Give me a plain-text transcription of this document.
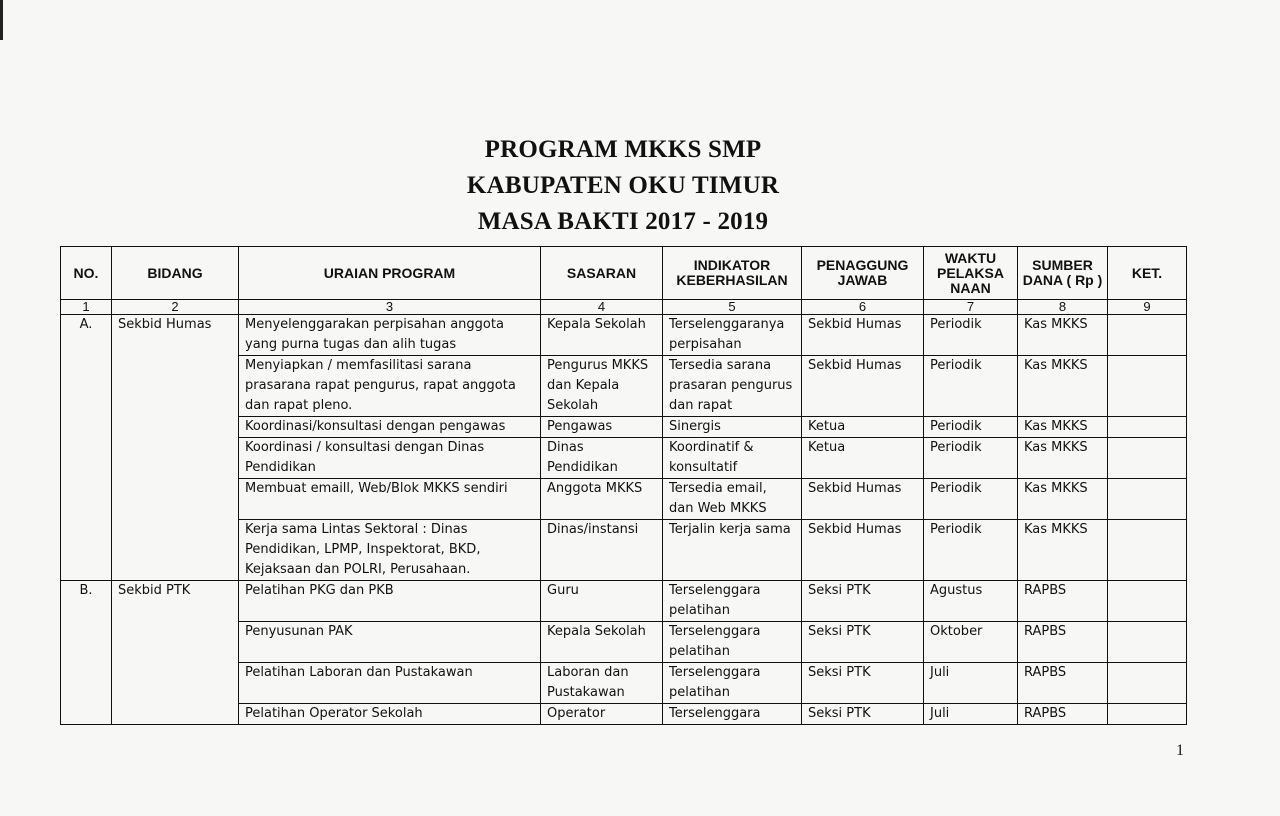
PROGRAM MKKS SMP
KABUPATEN OKU TIMUR
MASA BAKTI 2017 - 2019
NO.	BIDANG	URAIAN PROGRAM	SASARAN	INDIKATOR KEBERHASILAN	PENAGGUNG JAWAB	WAKTU PELAKSA NAAN	SUMBER DANA ( Rp )	KET.
1	2	3	4	5	6	7	8	9
A.	Sekbid Humas	Menyelenggarakan perpisahan anggota yang purna tugas dan alih tugas	Kepala Sekolah	Terselenggaranya perpisahan	Sekbid Humas	Periodik	Kas MKKS	
		Menyiapkan / memfasilitasi sarana prasarana rapat pengurus, rapat anggota dan rapat pleno.	Pengurus MKKS dan Kepala Sekolah	Tersedia sarana prasaran pengurus dan rapat	Sekbid Humas	Periodik	Kas MKKS	
		Koordinasi/konsultasi dengan pengawas	Pengawas	Sinergis	Ketua	Periodik	Kas MKKS	
		Koordinasi / konsultasi dengan Dinas Pendidikan	Dinas Pendidikan	Koordinatif & konsultatif	Ketua	Periodik	Kas MKKS	
		Membuat emaill, Web/Blok MKKS sendiri	Anggota MKKS	Tersedia email, dan Web MKKS	Sekbid Humas	Periodik	Kas MKKS	
		Kerja sama Lintas Sektoral : Dinas Pendidikan, LPMP, Inspektorat, BKD, Kejaksaan dan POLRI, Perusahaan.	Dinas/instansi	Terjalin kerja sama	Sekbid Humas	Periodik	Kas MKKS	
B.	Sekbid PTK	Pelatihan PKG dan PKB	Guru	Terselenggara pelatihan	Seksi PTK	Agustus	RAPBS	
		Penyusunan PAK	Kepala Sekolah	Terselenggara pelatihan	Seksi PTK	Oktober	RAPBS	
		Pelatihan Laboran dan Pustakawan	Laboran dan Pustakawan	Terselenggara pelatihan	Seksi PTK	Juli	RAPBS	
		Pelatihan Operator Sekolah	Operator	Terselenggara	Seksi PTK	Juli	RAPBS	
1
